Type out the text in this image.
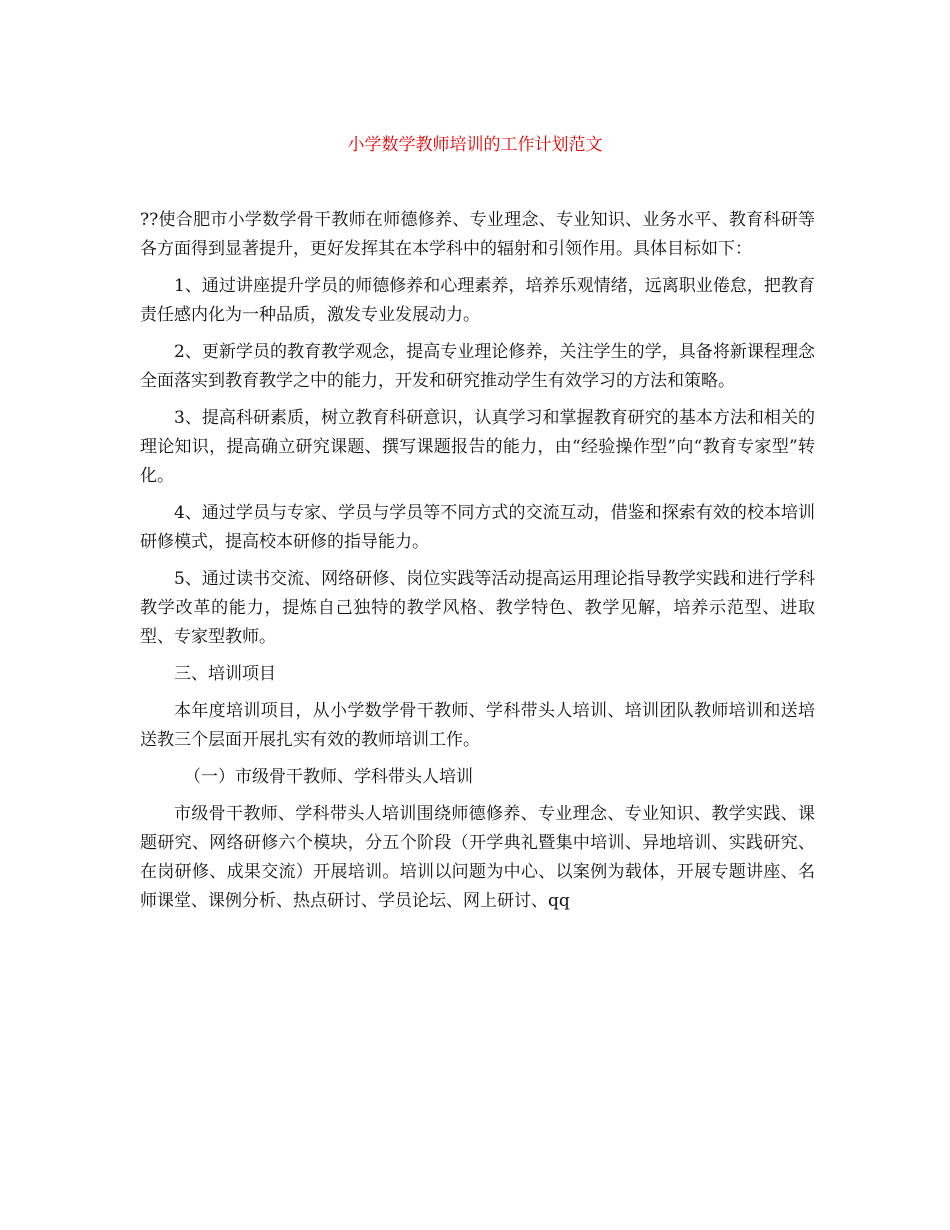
小学数学教师培训的工作计划范文

??使合肥市小学数学骨干教师在师德修养、专业理念、专业知识、业务水平、教育科研等各方面得到显著提升，更好发挥其在本学科中的辐射和引领作用。具体目标如下：

1、通过讲座提升学员的师德修养和心理素养，培养乐观情绪，远离职业倦怠，把教育责任感内化为一种品质，激发专业发展动力。

2、更新学员的教育教学观念，提高专业理论修养，关注学生的学，具备将新课程理念全面落实到教育教学之中的能力，开发和研究推动学生有效学习的方法和策略。

3、提高科研素质，树立教育科研意识，认真学习和掌握教育研究的基本方法和相关的理论知识，提高确立研究课题、撰写课题报告的能力，由“经验操作型”向“教育专家型”转化。

4、通过学员与专家、学员与学员等不同方式的交流互动，借鉴和探索有效的校本培训研修模式，提高校本研修的指导能力。

5、通过读书交流、网络研修、岗位实践等活动提高运用理论指导教学实践和进行学科教学改革的能力，提炼自己独特的教学风格、教学特色、教学见解，培养示范型、进取型、专家型教师。

三、培训项目

本年度培训项目，从小学数学骨干教师、学科带头人培训、培训团队教师培训和送培送教三个层面开展扎实有效的教师培训工作。

（一）市级骨干教师、学科带头人培训

市级骨干教师、学科带头人培训围绕师德修养、专业理念、专业知识、教学实践、课题研究、网络研修六个模块，分五个阶段（开学典礼暨集中培训、异地培训、实践研究、在岗研修、成果交流）开展培训。培训以问题为中心、以案例为载体，开展专题讲座、名师课堂、课例分析、热点研讨、学员论坛、网上研讨、qq
